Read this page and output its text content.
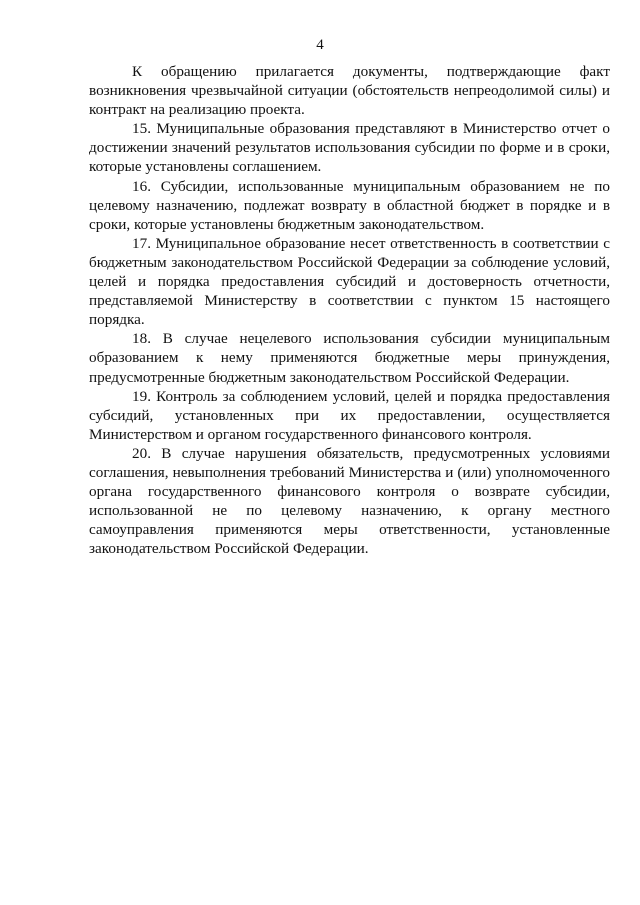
4

К обращению прилагается документы, подтверждающие факт возникновения чрезвычайной ситуации (обстоятельств непреодолимой силы) и контракт на реализацию проекта.

15. Муниципальные образования представляют в Министерство отчет о достижении значений результатов использования субсидии по форме и в сроки, которые установлены соглашением.

16. Субсидии, использованные муниципальным образованием не по целевому назначению, подлежат возврату в областной бюджет в порядке и в сроки, которые установлены бюджетным законодательством.

17. Муниципальное образование несет ответственность в соответствии с бюджетным законодательством Российской Федерации за соблюдение условий, целей и порядка предоставления субсидий и достоверность отчетности, представляемой Министерству в соответствии с пунктом 15 настоящего порядка.

18. В случае нецелевого использования субсидии муниципальным образованием к нему применяются бюджетные меры принуждения, предусмотренные бюджетным законодательством Российской Федерации.

19. Контроль за соблюдением условий, целей и порядка предоставления субсидий, установленных при их предоставлении, осуществляется Министерством и органом государственного финансового контроля.

20. В случае нарушения обязательств, предусмотренных условиями соглашения, невыполнения требований Министерства и (или) уполномоченного органа государственного финансового контроля о возврате субсидии, использованной не по целевому назначению, к органу местного самоуправления применяются меры ответственности, установленные законодательством Российской Федерации.
